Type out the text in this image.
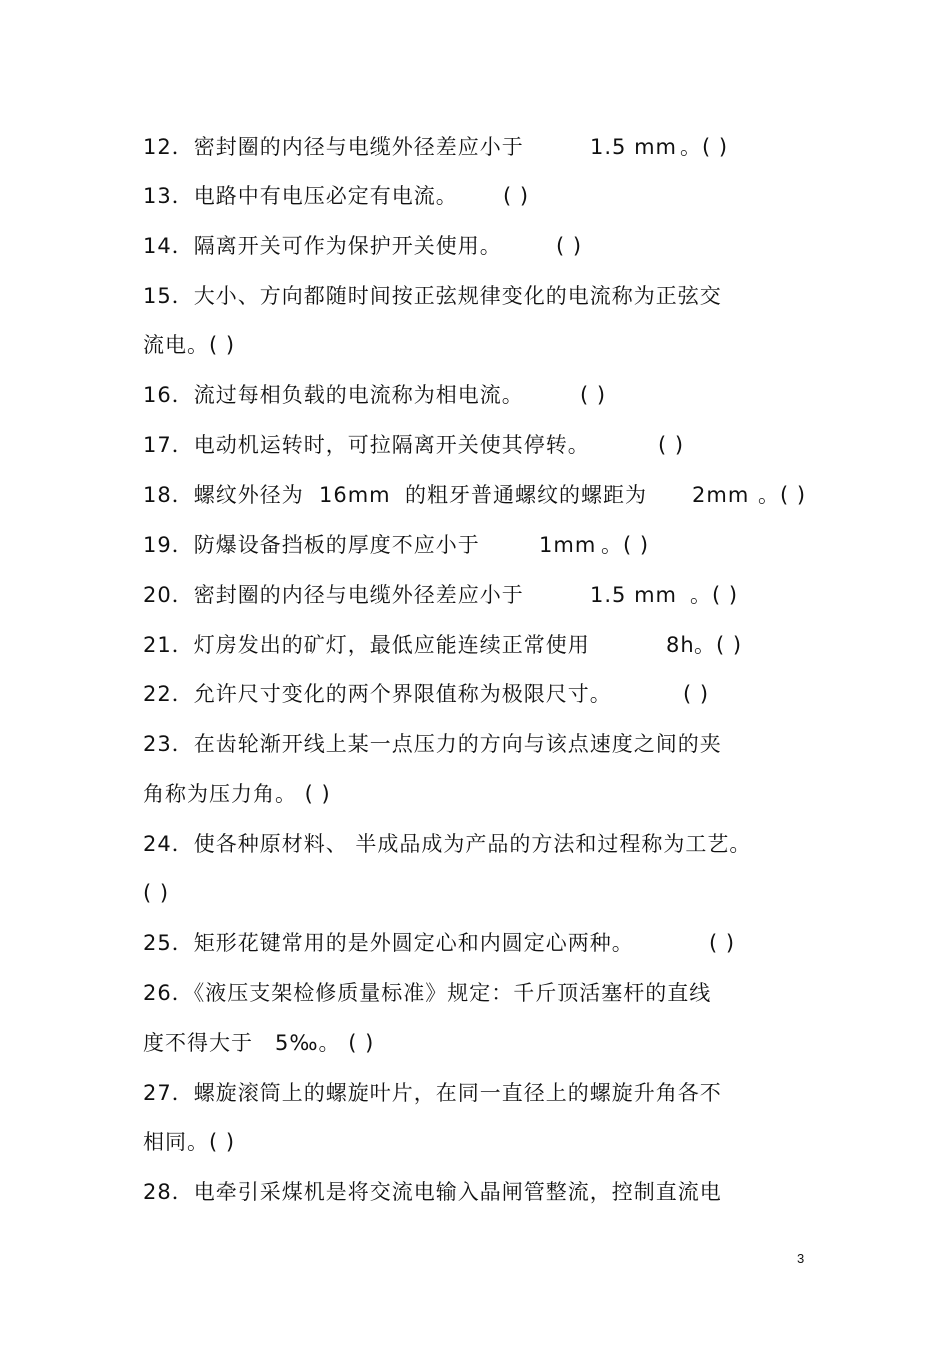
12．密封圈的内径与电缆外径差应小于	1.5 mm 。( )
13．电路中有电压必定有电流。 ( )
14．隔离开关可作为保护开关使用。	( )
15．大小、方向都随时间按正弦规律变化的电流称为正弦交
流电。( )
16．流过每相负载的电流称为相电流。	( )
17．电动机运转时，可拉隔离开关使其停转。	( )
18．螺纹外径为 16mm 的粗牙普通螺纹的螺距为 2mm 。( )
19．防爆设备挡板的厚度不应小于	1mm 。( )
20．密封圈的内径与电缆外径差应小于	1.5 mm 。( )
21．灯房发出的矿灯，最低应能连续正常使用	8h 。( )
22．允许尺寸变化的两个界限值称为极限尺寸。	( )
23．在齿轮渐开线上某一点压力的方向与该点速度之间的夹
角称为压力角。 ( )
24．使各种原材料、 半成品成为产品的方法和过程称为工艺。
( )
25．矩形花键常用的是外圆定心和内圆定心两种。	( )
26．《液压支架检修质量标准》规定：千斤顶活塞杆的直线
度不得大于 5‰。 ( )
27．螺旋滚筒上的螺旋叶片，在同一直径上的螺旋升角各不
相同。( )
28．电牵引采煤机是将交流电输入晶闸管整流，控制直流电
3
